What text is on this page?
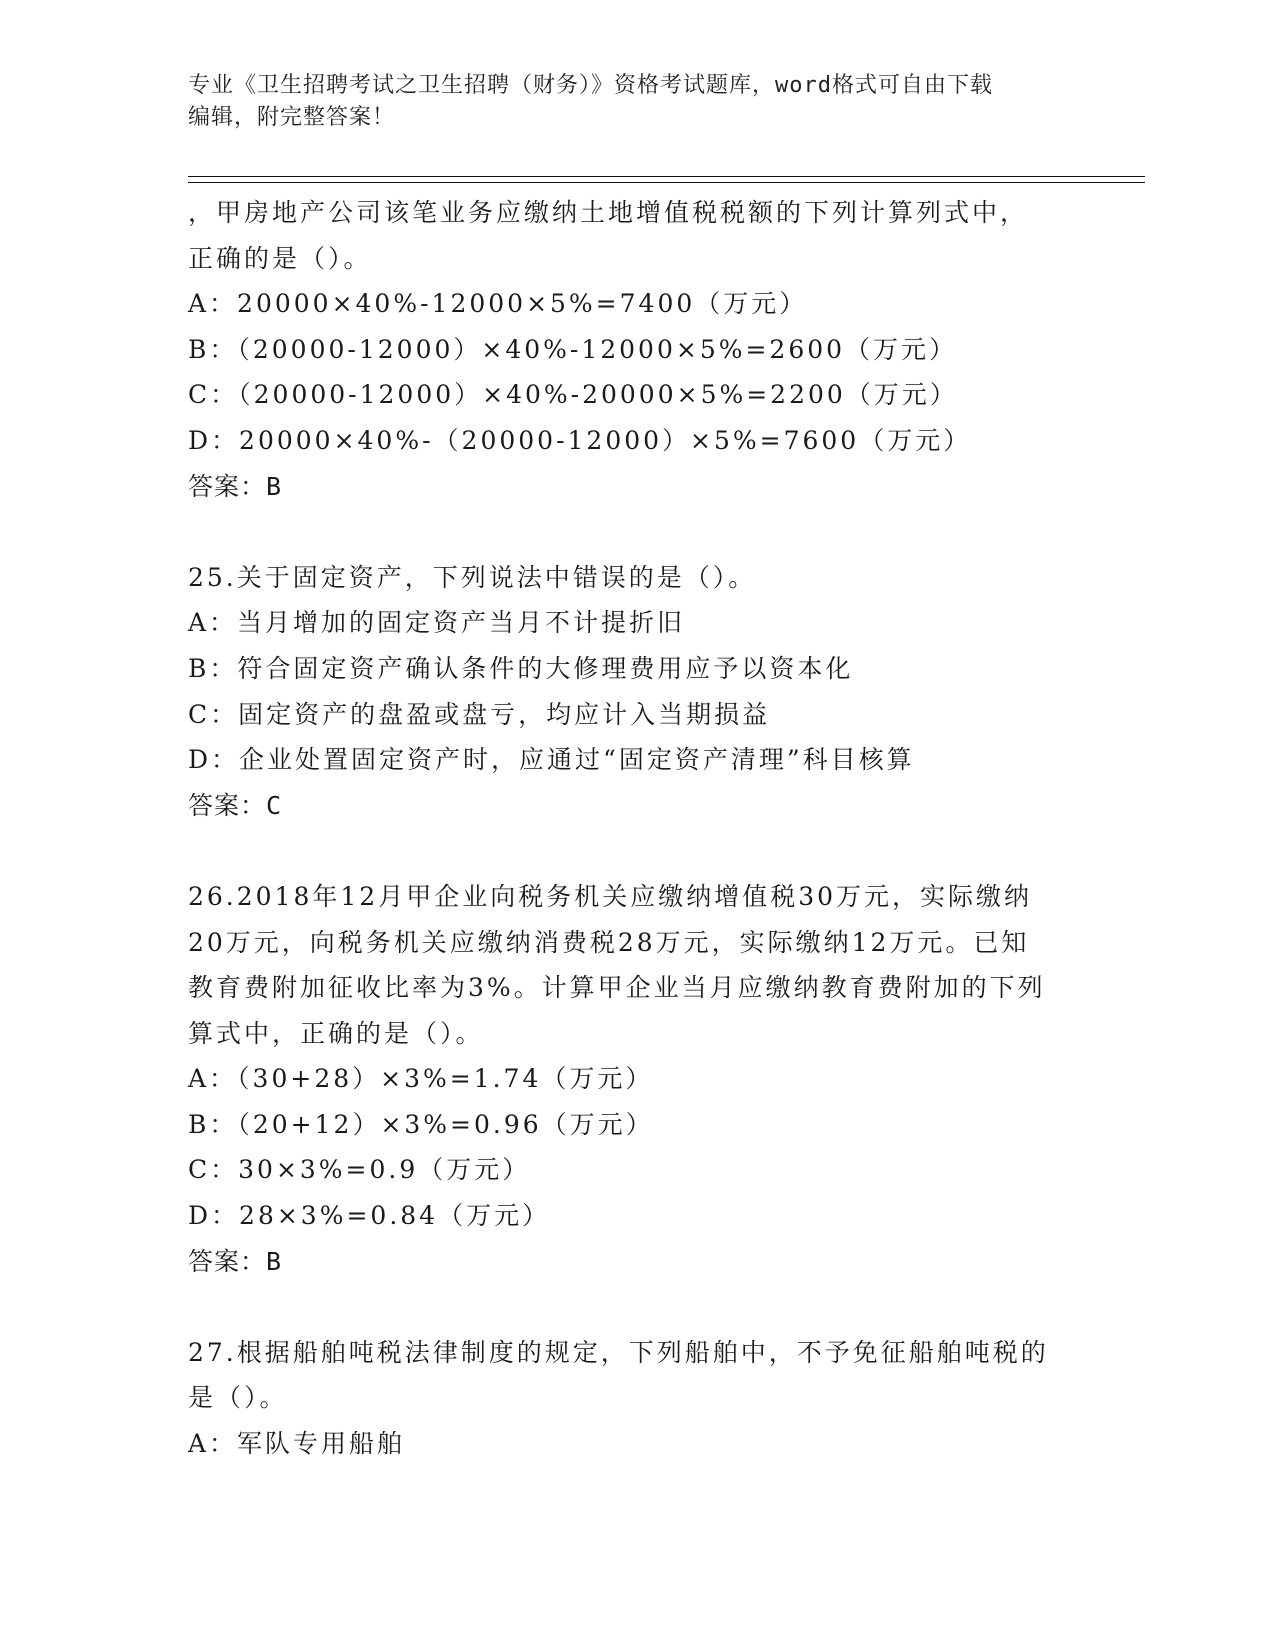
专业《卫生招聘考试之卫生招聘（财务）》资格考试题库，word格式可自由下载
编辑，附完整答案！
，甲房地产公司该笔业务应缴纳土地增值税税额的下列计算列式中，
正确的是（）。
A：20000×40%-12000×5%=7400（万元）
B：（20000-12000）×40%-12000×5%=2600（万元）
C：（20000-12000）×40%-20000×5%=2200（万元）
D：20000×40%-（20000-12000）×5%=7600（万元）
答案：B
25.关于固定资产，下列说法中错误的是（）。
A：当月增加的固定资产当月不计提折旧
B：符合固定资产确认条件的大修理费用应予以资本化
C：固定资产的盘盈或盘亏，均应计入当期损益
D：企业处置固定资产时，应通过“固定资产清理”科目核算
答案：C
26.2018年12月甲企业向税务机关应缴纳增值税30万元，实际缴纳
20万元，向税务机关应缴纳消费税28万元，实际缴纳12万元。已知
教育费附加征收比率为3%。计算甲企业当月应缴纳教育费附加的下列
算式中，正确的是（）。
A：（30+28）×3%=1.74（万元）
B：（20+12）×3%=0.96（万元）
C：30×3%=0.9（万元）
D：28×3%=0.84（万元）
答案：B
27.根据船舶吨税法律制度的规定，下列船舶中，不予免征船舶吨税的
是（）。
A：军队专用船舶
